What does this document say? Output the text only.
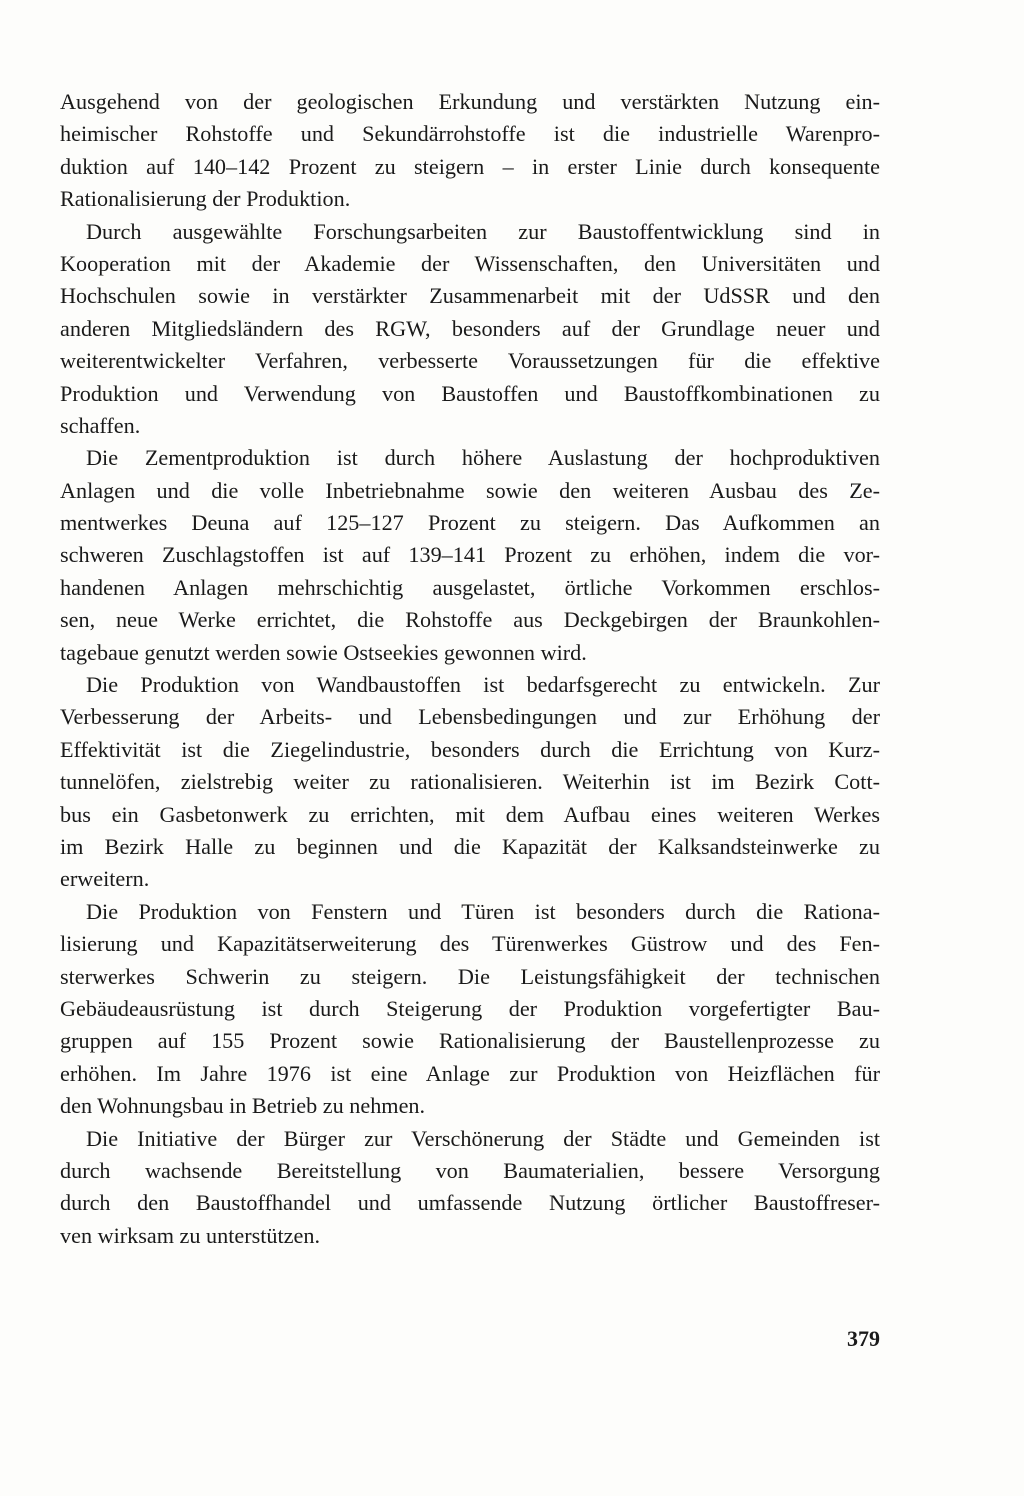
Ausgehend von der geologischen Erkundung und verstärkten Nutzung ein-
heimischer Rohstoffe und Sekundärrohstoffe ist die industrielle Warenpro-
duktion auf 140–142 Prozent zu steigern – in erster Linie durch konsequente
Rationalisierung der Produktion.
Durch ausgewählte Forschungsarbeiten zur Baustoffentwicklung sind in
Kooperation mit der Akademie der Wissenschaften, den Universitäten und
Hochschulen sowie in verstärkter Zusammenarbeit mit der UdSSR und den
anderen Mitgliedsländern des RGW, besonders auf der Grundlage neuer und
weiterentwickelter Verfahren, verbesserte Voraussetzungen für die effektive
Produktion und Verwendung von Baustoffen und Baustoffkombinationen zu
schaffen.
Die Zementproduktion ist durch höhere Auslastung der hochproduktiven
Anlagen und die volle Inbetriebnahme sowie den weiteren Ausbau des Ze-
mentwerkes Deuna auf 125–127 Prozent zu steigern. Das Aufkommen an
schweren Zuschlagstoffen ist auf 139–141 Prozent zu erhöhen, indem die vor-
handenen Anlagen mehrschichtig ausgelastet, örtliche Vorkommen erschlos-
sen, neue Werke errichtet, die Rohstoffe aus Deckgebirgen der Braunkohlen-
tagebaue genutzt werden sowie Ostseekies gewonnen wird.
Die Produktion von Wandbaustoffen ist bedarfsgerecht zu entwickeln. Zur
Verbesserung der Arbeits- und Lebensbedingungen und zur Erhöhung der
Effektivität ist die Ziegelindustrie, besonders durch die Errichtung von Kurz-
tunnelöfen, zielstrebig weiter zu rationalisieren. Weiterhin ist im Bezirk Cott-
bus ein Gasbetonwerk zu errichten, mit dem Aufbau eines weiteren Werkes
im Bezirk Halle zu beginnen und die Kapazität der Kalksandsteinwerke zu
erweitern.
Die Produktion von Fenstern und Türen ist besonders durch die Rationa-
lisierung und Kapazitätserweiterung des Türenwerkes Güstrow und des Fen-
sterwerkes Schwerin zu steigern. Die Leistungsfähigkeit der technischen
Gebäudeausrüstung ist durch Steigerung der Produktion vorgefertigter Bau-
gruppen auf 155 Prozent sowie Rationalisierung der Baustellenprozesse zu
erhöhen. Im Jahre 1976 ist eine Anlage zur Produktion von Heizflächen für
den Wohnungsbau in Betrieb zu nehmen.
Die Initiative der Bürger zur Verschönerung der Städte und Gemeinden ist
durch wachsende Bereitstellung von Baumaterialien, bessere Versorgung
durch den Baustoffhandel und umfassende Nutzung örtlicher Baustoffreser-
ven wirksam zu unterstützen.
379
